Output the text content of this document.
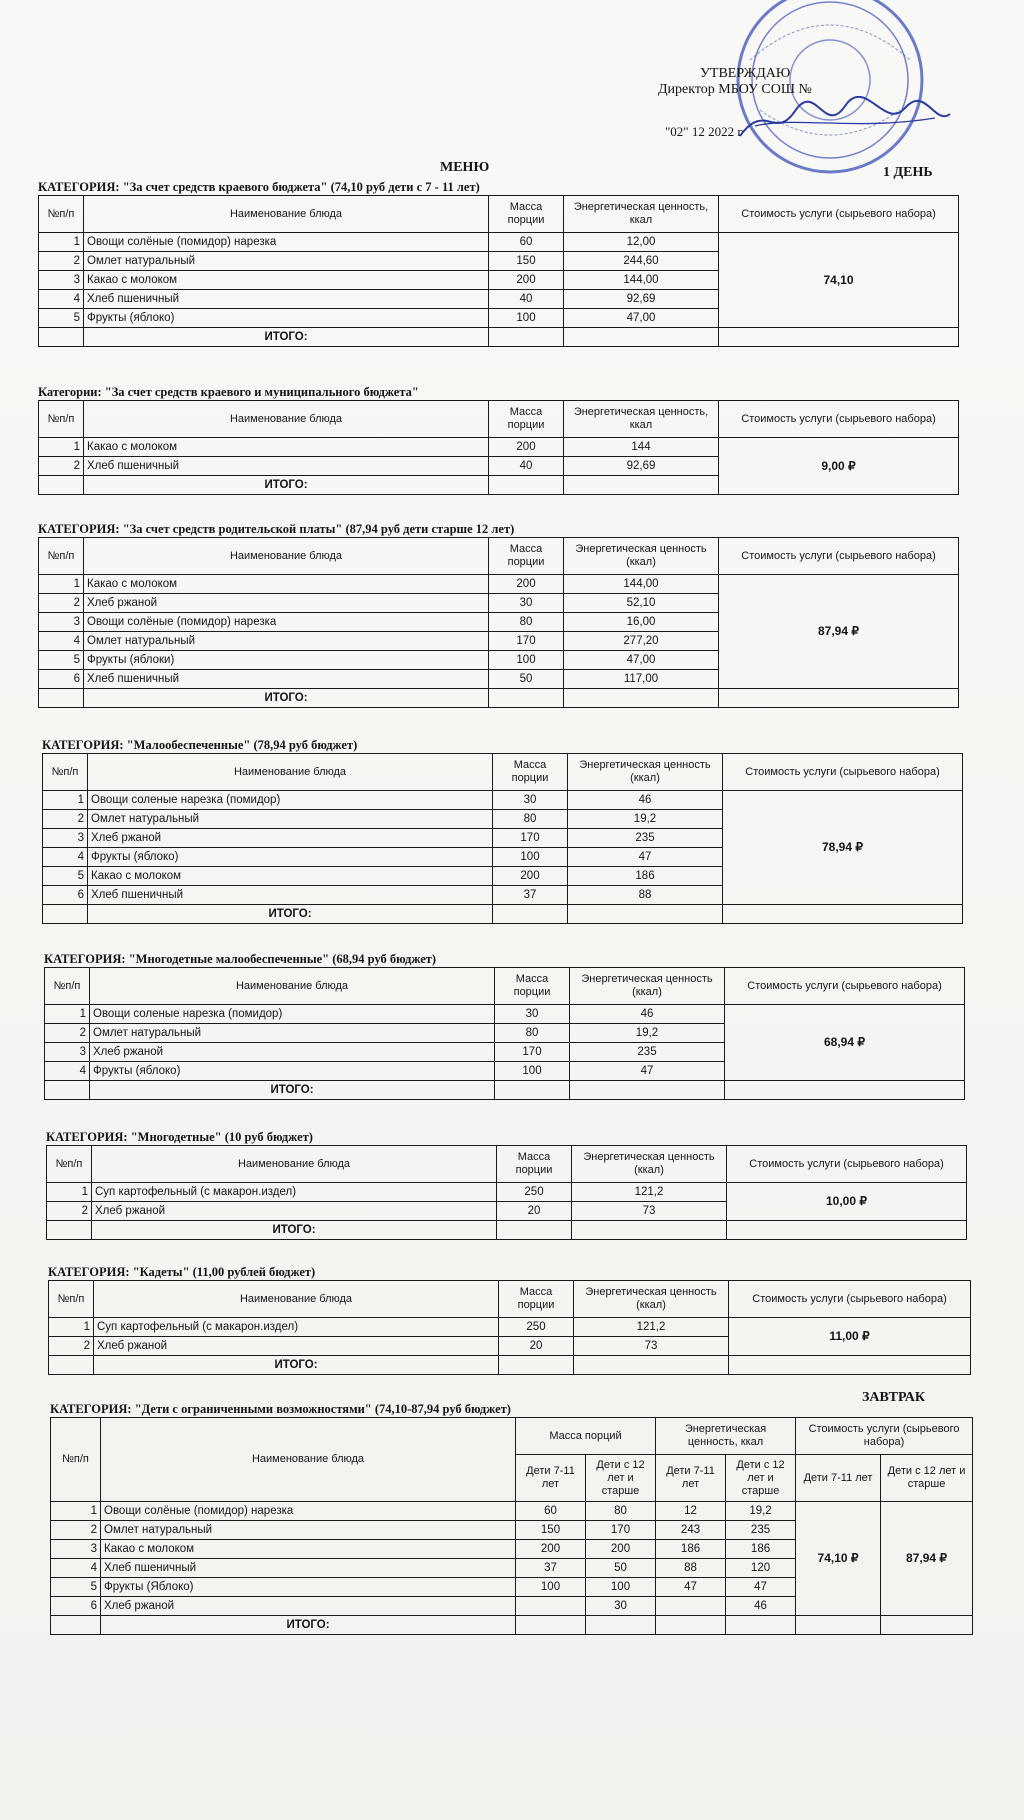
УТВЕРЖДАЮ
Директор МБОУ СОШ №
"02" 12 2022 г
МЕНЮ	1 ДЕНЬ
КАТЕГОРИЯ: "За счет средств краевого бюджета" (74,10 руб дети с 7 - 11 лет)
№п/п	Наименование блюда	Масса порции	Энергетическая ценность, ккал	Стоимость услуги (сырьевого набора)
1	Овощи солёные (помидор) нарезка	60	12,00	74,10
2	Омлет натуральный	150	244,60	
3	Какао с молоком	200	144,00	
4	Хлеб пшеничный	40	92,69	
5	Фрукты (яблоко)	100	47,00	
	ИТОГО:			
Категории: "За счет средств краевого и муниципального бюджета"
№п/п	Наименование блюда	Масса порции	Энергетическая ценность, ккал	Стоимость услуги (сырьевого набора)
1	Какао с молоком	200	144	9,00 ₽
2	Хлеб пшеничный	40	92,69	
	ИТОГО:			
КАТЕГОРИЯ: "За счет средств родительской платы" (87,94 руб дети старше 12 лет)
№п/п	Наименование блюда	Масса порции	Энергетическая ценность (ккал)	Стоимость услуги (сырьевого набора)
1	Какао с молоком	200	144,00	87,94 ₽
2	Хлеб ржаной	30	52,10	
3	Овощи солёные (помидор) нарезка	80	16,00	
4	Омлет натуральный	170	277,20	
5	Фрукты (яблоки)	100	47,00	
6	Хлеб пшеничный	50	117,00	
	ИТОГО:			
КАТЕГОРИЯ: "Малообеспеченные" (78,94 руб бюджет)
№п/п	Наименование блюда	Масса порции	Энергетическая ценность (ккал)	Стоимость услуги (сырьевого набора)
1	Овощи соленые нарезка (помидор)	30	46	78,94 ₽
2	Омлет натуральный	80	19,2	
3	Хлеб ржаной	170	235	
4	Фрукты (яблоко)	100	47	
5	Какао с молоком	200	186	
6	Хлеб пшеничный	37	88	
	ИТОГО:			
КАТЕГОРИЯ: "Многодетные малообеспеченные" (68,94 руб бюджет)
№п/п	Наименование блюда	Масса порции	Энергетическая ценность (ккал)	Стоимость услуги (сырьевого набора)
1	Овощи соленые нарезка (помидор)	30	46	68,94 ₽
2	Омлет натуральный	80	19,2	
3	Хлеб ржаной	170	235	
4	Фрукты (яблоко)	100	47	
	ИТОГО:			
КАТЕГОРИЯ: "Многодетные" (10 руб бюджет)
№п/п	Наименование блюда	Масса порции	Энергетическая ценность (ккал)	Стоимость услуги (сырьевого набора)
1	Суп картофельный (с макарон.издел)	250	121,2	10,00 ₽
2	Хлеб ржаной	20	73	
	ИТОГО:			
КАТЕГОРИЯ: "Кадеты" (11,00 рублей бюджет)
№п/п	Наименование блюда	Масса порции	Энергетическая ценность (ккал)	Стоимость услуги (сырьевого набора)
1	Суп картофельный (с макарон.издел)	250	121,2	11,00 ₽
2	Хлеб ржаной	20	73	
	ИТОГО:			
ЗАВТРАК
КАТЕГОРИЯ: "Дети с ограниченными возможностями" (74,10-87,94 руб бюджет)
№п/п	Наименование блюда	Масса порций		Энергетическая ценность, ккал		Стоимость услуги (сырьевого набора)	
		Дети 7-11 лет	Дети с 12 лет и старше	Дети 7-11 лет	Дети с 12 лет и старше	Дети 7-11 лет	Дети с 12 лет и старше
1	Овощи солёные (помидор) нарезка	60	80	12	19,2	74,10 ₽	87,94 ₽
2	Омлет натуральный	150	170	243	235		
3	Какао с молоком	200	200	186	186		
4	Хлеб пшеничный	37	50	88	120		
5	Фрукты (Яблоко)	100	100	47	47		
6	Хлеб ржаной		30		46		
	ИТОГО:						
